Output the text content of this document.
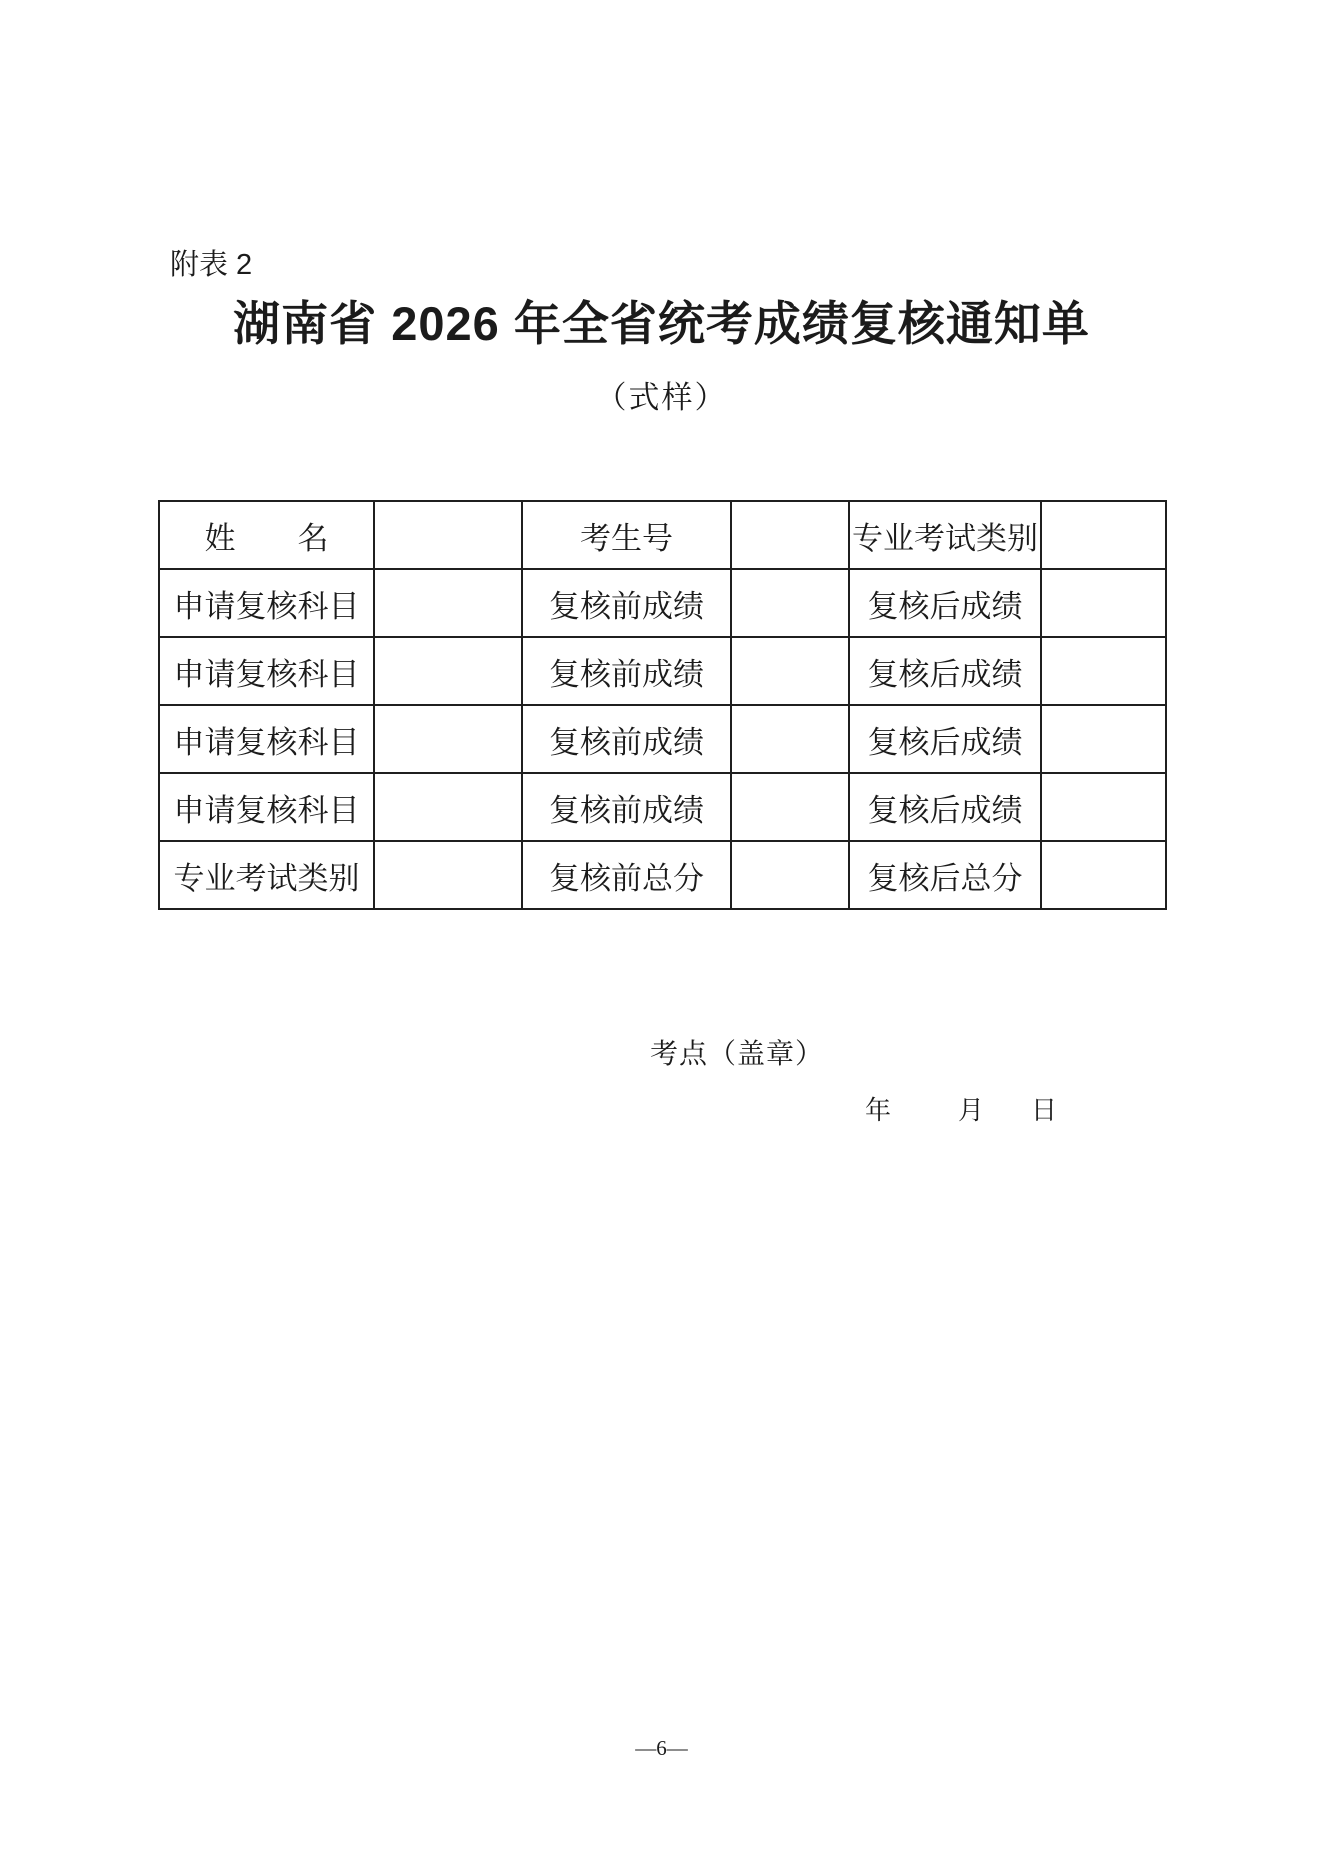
附表 2
湖南省 2026 年全省统考成绩复核通知单
（式样）
姓　　名		考生号		专业考试类别	
申请复核科目		复核前成绩		复核后成绩	
申请复核科目		复核前成绩		复核后成绩	
申请复核科目		复核前成绩		复核后成绩	
申请复核科目		复核前成绩		复核后成绩	
专业考试类别		复核前总分		复核后总分	
考点（盖章）
年	月 日
—6—
